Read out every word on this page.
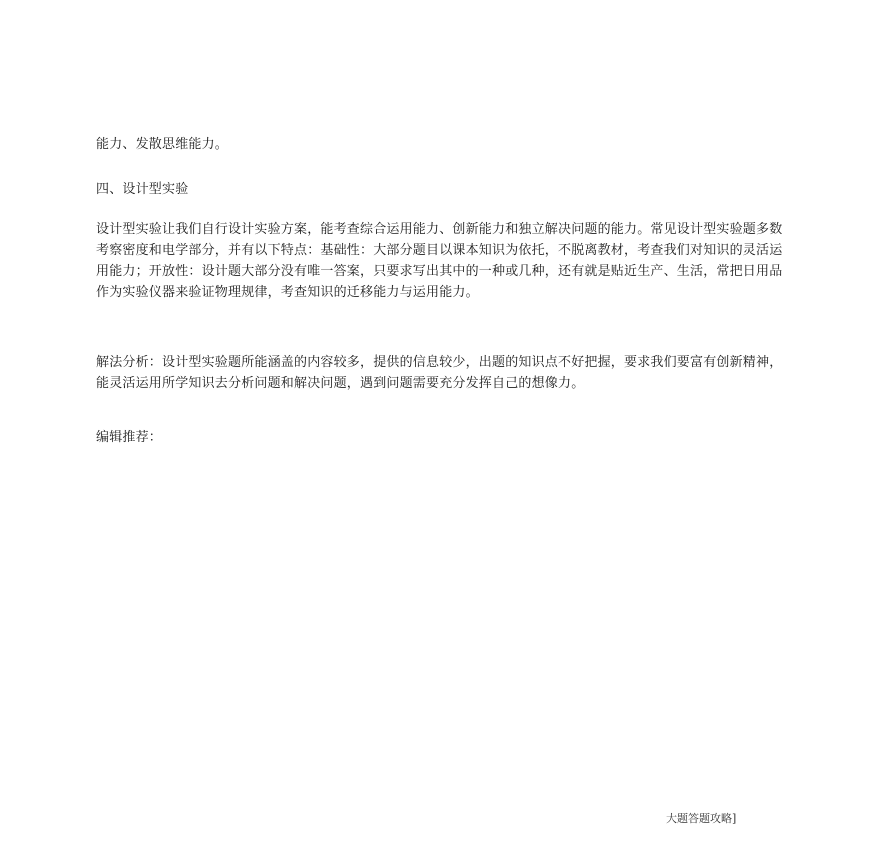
能力、发散思维能力。
四、设计型实验
设计型实验让我们自行设计实验方案，能考查综合运用能力、创新能力和独立解决问题的能力。常见设计型实验题多数考察密度和电学部分，并有以下特点：基础性：大部分题目以课本知识为依托，不脱离教材，考查我们对知识的灵活运用能力；开放性：设计题大部分没有唯一答案，只要求写出其中的一种或几种，还有就是贴近生产、生活，常把日用品作为实验仪器来验证物理规律，考查知识的迁移能力与运用能力。
解法分析：设计型实验题所能涵盖的内容较多，提供的信息较少，出题的知识点不好把握，要求我们要富有创新精神，能灵活运用所学知识去分析问题和解决问题，遇到问题需要充分发挥自己的想像力。
编辑推荐：
大题答题攻略]
